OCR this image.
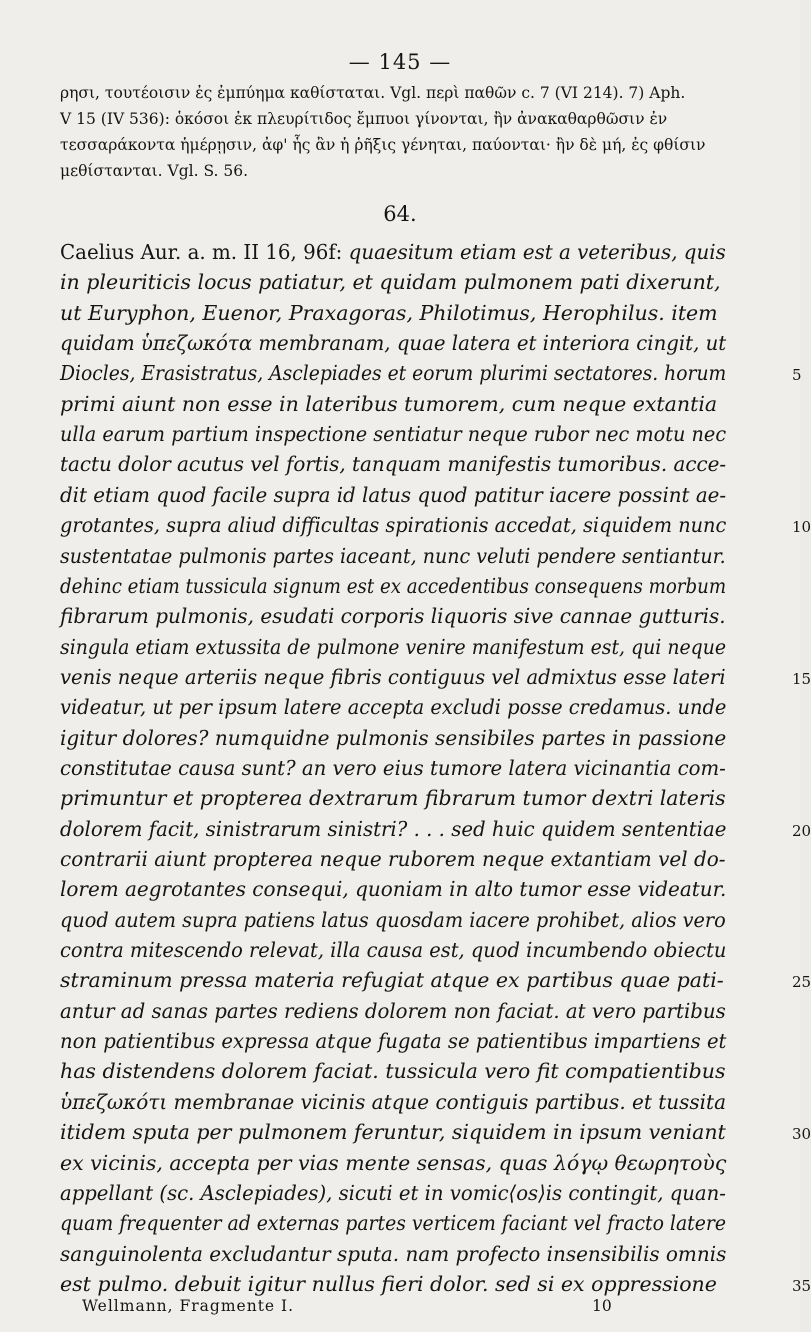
— 145 —
ρησι, τουτέοισιν ἐς ἐμπύημα καθίσταται. Vgl. περὶ παθῶν c. 7 (VI 214). 7) Aph.
V 15 (IV 536): ὁκόσοι ἐκ πλευρίτιδος ἔμπυοι γίνονται, ἢν ἀνακαθαρθῶσιν ἐν
τεσσαράκοντα ἡμέρῃσιν, ἀφ' ἧς ἂν ἡ ῥῆξις γένηται, παύονται· ἢν δὲ μή, ἐς φθίσιν
μεθίστανται. Vgl. S. 56.
64.
Caelius Aur. a. m. II 16, 96f: quaesitum etiam est a veteribus, quis
in pleuriticis locus patiatur, et quidam pulmonem pati dixerunt,
ut Euryphon, Euenor, Praxagoras, Philotimus, Herophilus. item
quidam ὑπεζωκότα membranam, quae latera et interiora cingit, ut
Diocles, Erasistratus, Asclepiades et eorum plurimi sectatores. horum	5
primi aiunt non esse in lateribus tumorem, cum neque extantia
ulla earum partium inspectione sentiatur neque rubor nec motu nec
tactu dolor acutus vel fortis, tanquam manifestis tumoribus. acce-
dit etiam quod facile supra id latus quod patitur iacere possint ae-
grotantes, supra aliud difficultas spirationis accedat, siquidem nunc	10
sustentatae pulmonis partes iaceant, nunc veluti pendere sentiantur.
dehinc etiam tussicula signum est ex accedentibus consequens morbum
fibrarum pulmonis, esudati corporis liquoris sive cannae gutturis.
singula etiam extussita de pulmone venire manifestum est, qui neque
venis neque arteriis neque fibris contiguus vel admixtus esse lateri	15
videatur, ut per ipsum latere accepta excludi posse credamus. unde
igitur dolores? numquidne pulmonis sensibiles partes in passione
constitutae causa sunt? an vero eius tumore latera vicinantia com-
primuntur et propterea dextrarum fibrarum tumor dextri lateris
dolorem facit, sinistrarum sinistri? . . . sed huic quidem sententiae	20
contrarii aiunt propterea neque ruborem neque extantiam vel do-
lorem aegrotantes consequi, quoniam in alto tumor esse videatur.
quod autem supra patiens latus quosdam iacere prohibet, alios vero
contra mitescendo relevat, illa causa est, quod incumbendo obiectu
straminum pressa materia refugiat atque ex partibus quae pati-	25
antur ad sanas partes rediens dolorem non faciat. at vero partibus
non patientibus expressa atque fugata se patientibus impartiens et
has distendens dolorem faciat. tussicula vero fit compatientibus
ὑπεζωκότι membranae vicinis atque contiguis partibus. et tussita
itidem sputa per pulmonem feruntur, siquidem in ipsum veniant	30
ex vicinis, accepta per vias mente sensas, quas λόγῳ θεωρητοὺς
appellant (sc. Asclepiades), sicuti et in vomic⟨os⟩is contingit, quan-
quam frequenter ad externas partes verticem faciant vel fracto latere
sanguinolenta excludantur sputa. nam profecto insensibilis omnis
est pulmo. debuit igitur nullus fieri dolor. sed si ex oppressione	35
Wellmann, Fragmente I.	10
